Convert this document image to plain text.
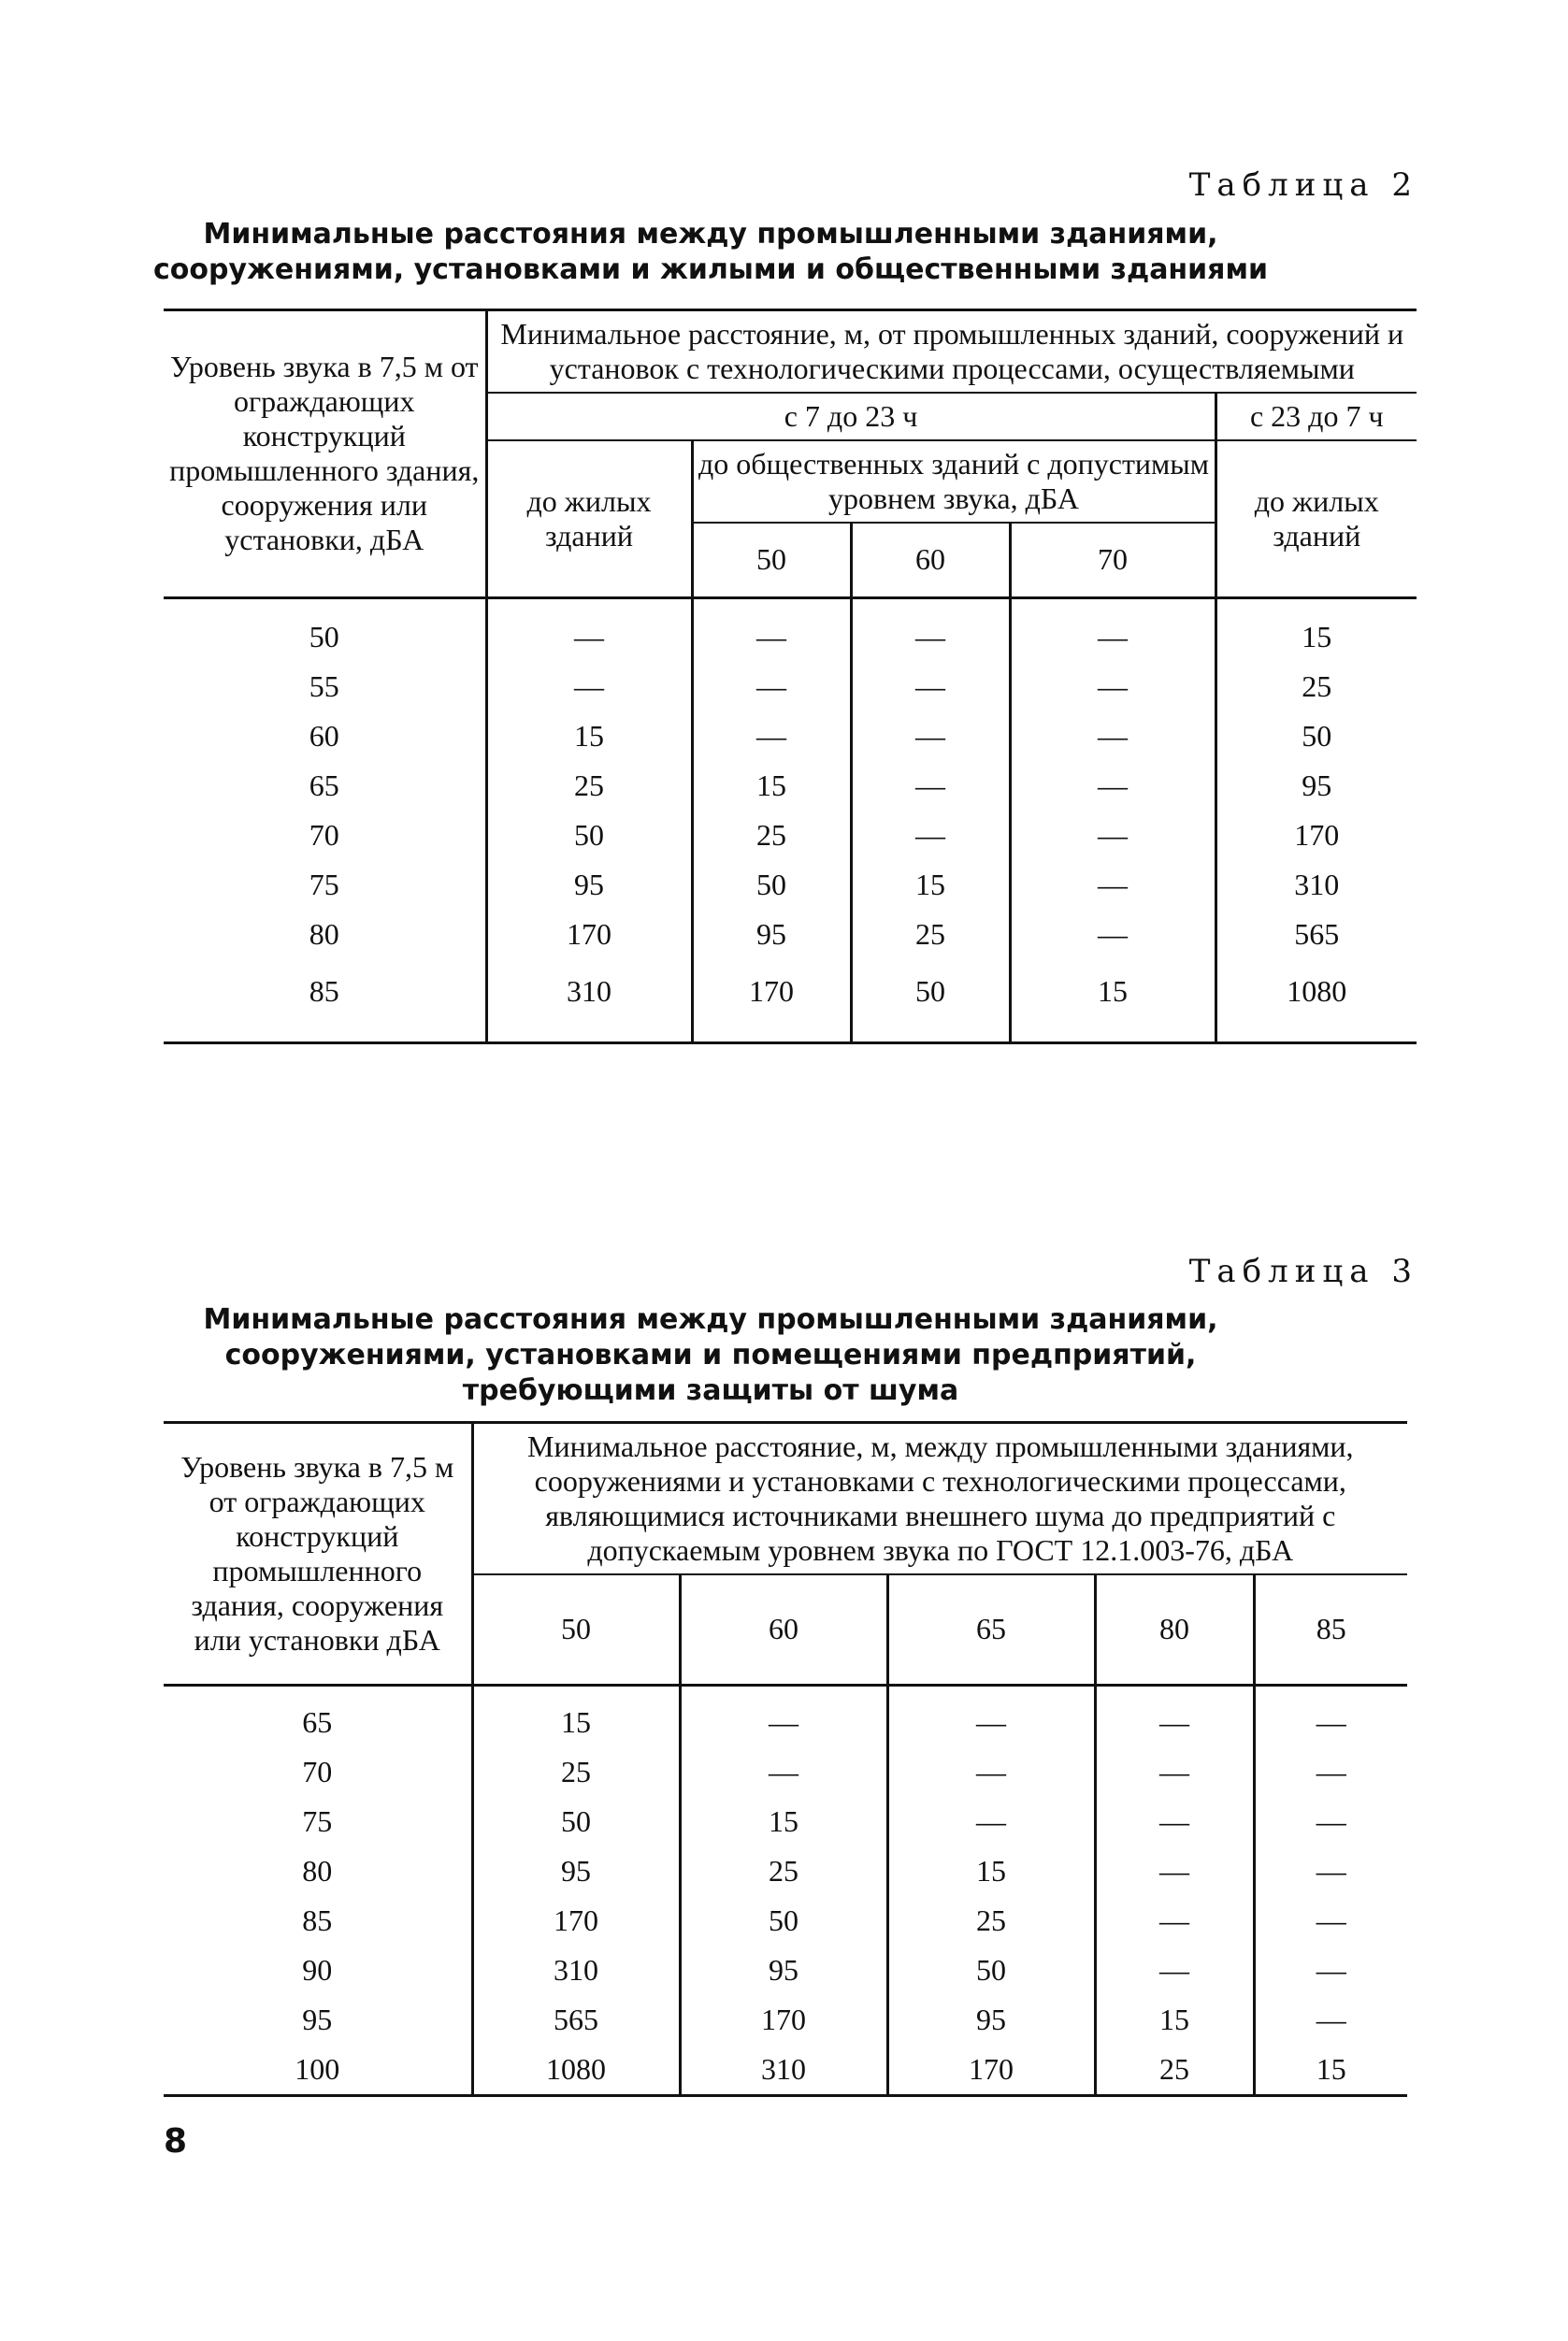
Таблица 2
Минимальные расстояния между промышленными зданиями, сооружениями, установками и жилыми и общественными зданиями
Уровень звука в 7,5 м от ограждающих конструкций промышленного здания, сооружения или установки, дБА	Минимальное расстояние, м, от промышленных зданий, сооружений и установок с технологическими процессами, осуществляемыми				
	с 7 до 23 ч				с 23 до 7 ч
	до жилых зданий	до общественных зданий с допустимым уровнем звука, дБА			до жилых зданий
		50	60	70	
50	—	—	—	—	15
55	—	—	—	—	25
60	15	—	—	—	50
65	25	15	—	—	95
70	50	25	—	—	170
75	95	50	15	—	310
80	170	95	25	—	565
85	310	170	50	15	1080
Таблица 3
Минимальные расстояния между промышленными зданиями, сооружениями, установками и помещениями предприятий, требующими защиты от шума
Уровень звука в 7,5 м от ограждающих конструкций промышленного здания, сооружения или установки дБА	Минимальное расстояние, м, между промышленными зданиями, сооружениями и установками с технологическими процессами, являющимися источниками внешнего шума до предприятий с допускаемым уровнем звука по ГОСТ 12.1.003-76, дБА				
	50	60	65	80	85
65	15	—	—	—	—
70	25	—	—	—	—
75	50	15	—	—	—
80	95	25	15	—	—
85	170	50	25	—	—
90	310	95	50	—	—
95	565	170	95	15	—
100	1080	310	170	25	15
8
